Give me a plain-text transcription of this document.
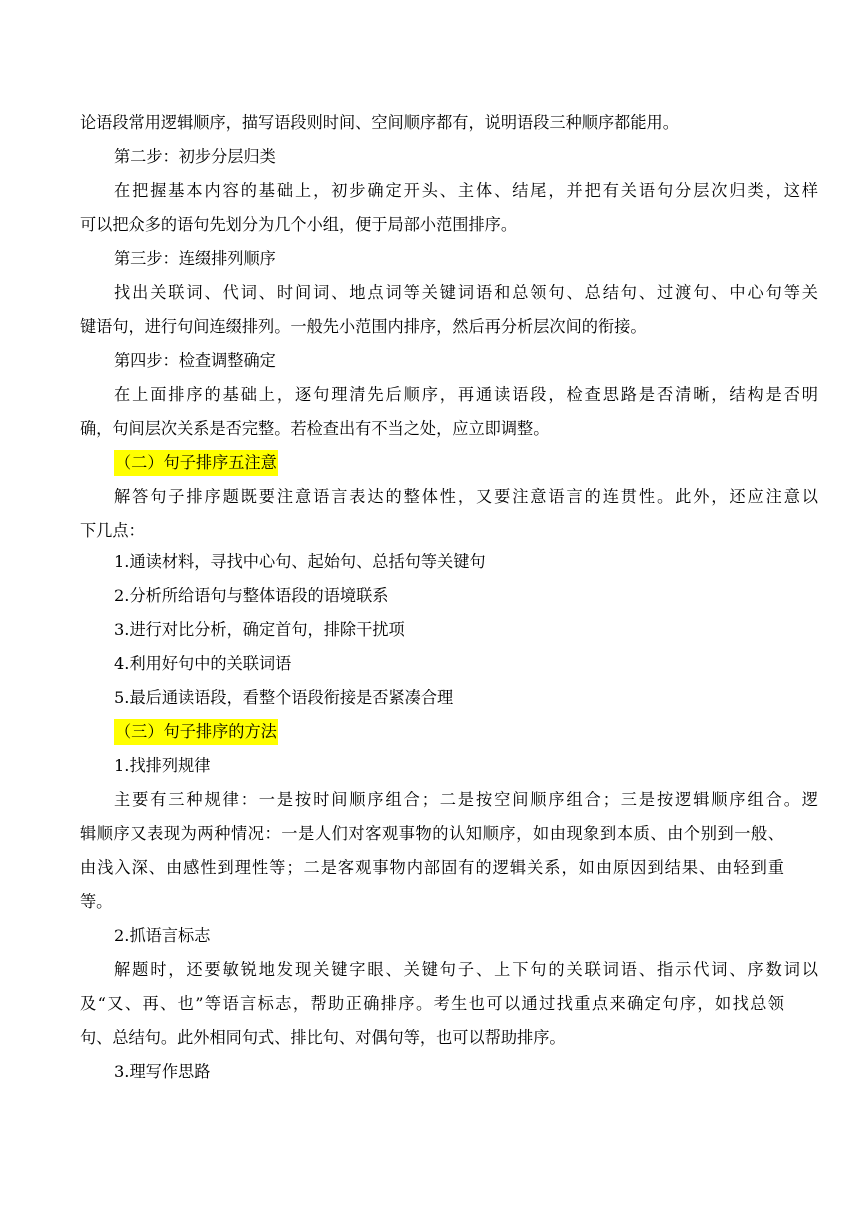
论语段常用逻辑顺序，描写语段则时间、空间顺序都有，说明语段三种顺序都能用。
第二步：初步分层归类
在把握基本内容的基础上，初步确定开头、主体、结尾，并把有关语句分层次归类，这样
可以把众多的语句先划分为几个小组，便于局部小范围排序。
第三步：连缀排列顺序
找出关联词、代词、时间词、地点词等关键词语和总领句、总结句、过渡句、中心句等关
键语句，进行句间连缀排列。一般先小范围内排序，然后再分析层次间的衔接。
第四步：检查调整确定
在上面排序的基础上，逐句理清先后顺序，再通读语段，检查思路是否清晰，结构是否明
确，句间层次关系是否完整。若检查出有不当之处，应立即调整。
（二）句子排序五注意
解答句子排序题既要注意语言表达的整体性，又要注意语言的连贯性。此外，还应注意以
下几点：
1.通读材料，寻找中心句、起始句、总括句等关键句
2.分析所给语句与整体语段的语境联系
3.进行对比分析，确定首句，排除干扰项
4.利用好句中的关联词语
5.最后通读语段，看整个语段衔接是否紧凑合理
（三）句子排序的方法
1.找排列规律
主要有三种规律：一是按时间顺序组合；二是按空间顺序组合；三是按逻辑顺序组合。逻
辑顺序又表现为两种情况：一是人们对客观事物的认知顺序，如由现象到本质、由个别到一般、
由浅入深、由感性到理性等；二是客观事物内部固有的逻辑关系，如由原因到结果、由轻到重
等。
2.抓语言标志
解题时，还要敏锐地发现关键字眼、关键句子、上下句的关联词语、指示代词、序数词以
及“又、再、也”等语言标志，帮助正确排序。考生也可以通过找重点来确定句序，如找总领
句、总结句。此外相同句式、排比句、对偶句等，也可以帮助排序。
3.理写作思路
